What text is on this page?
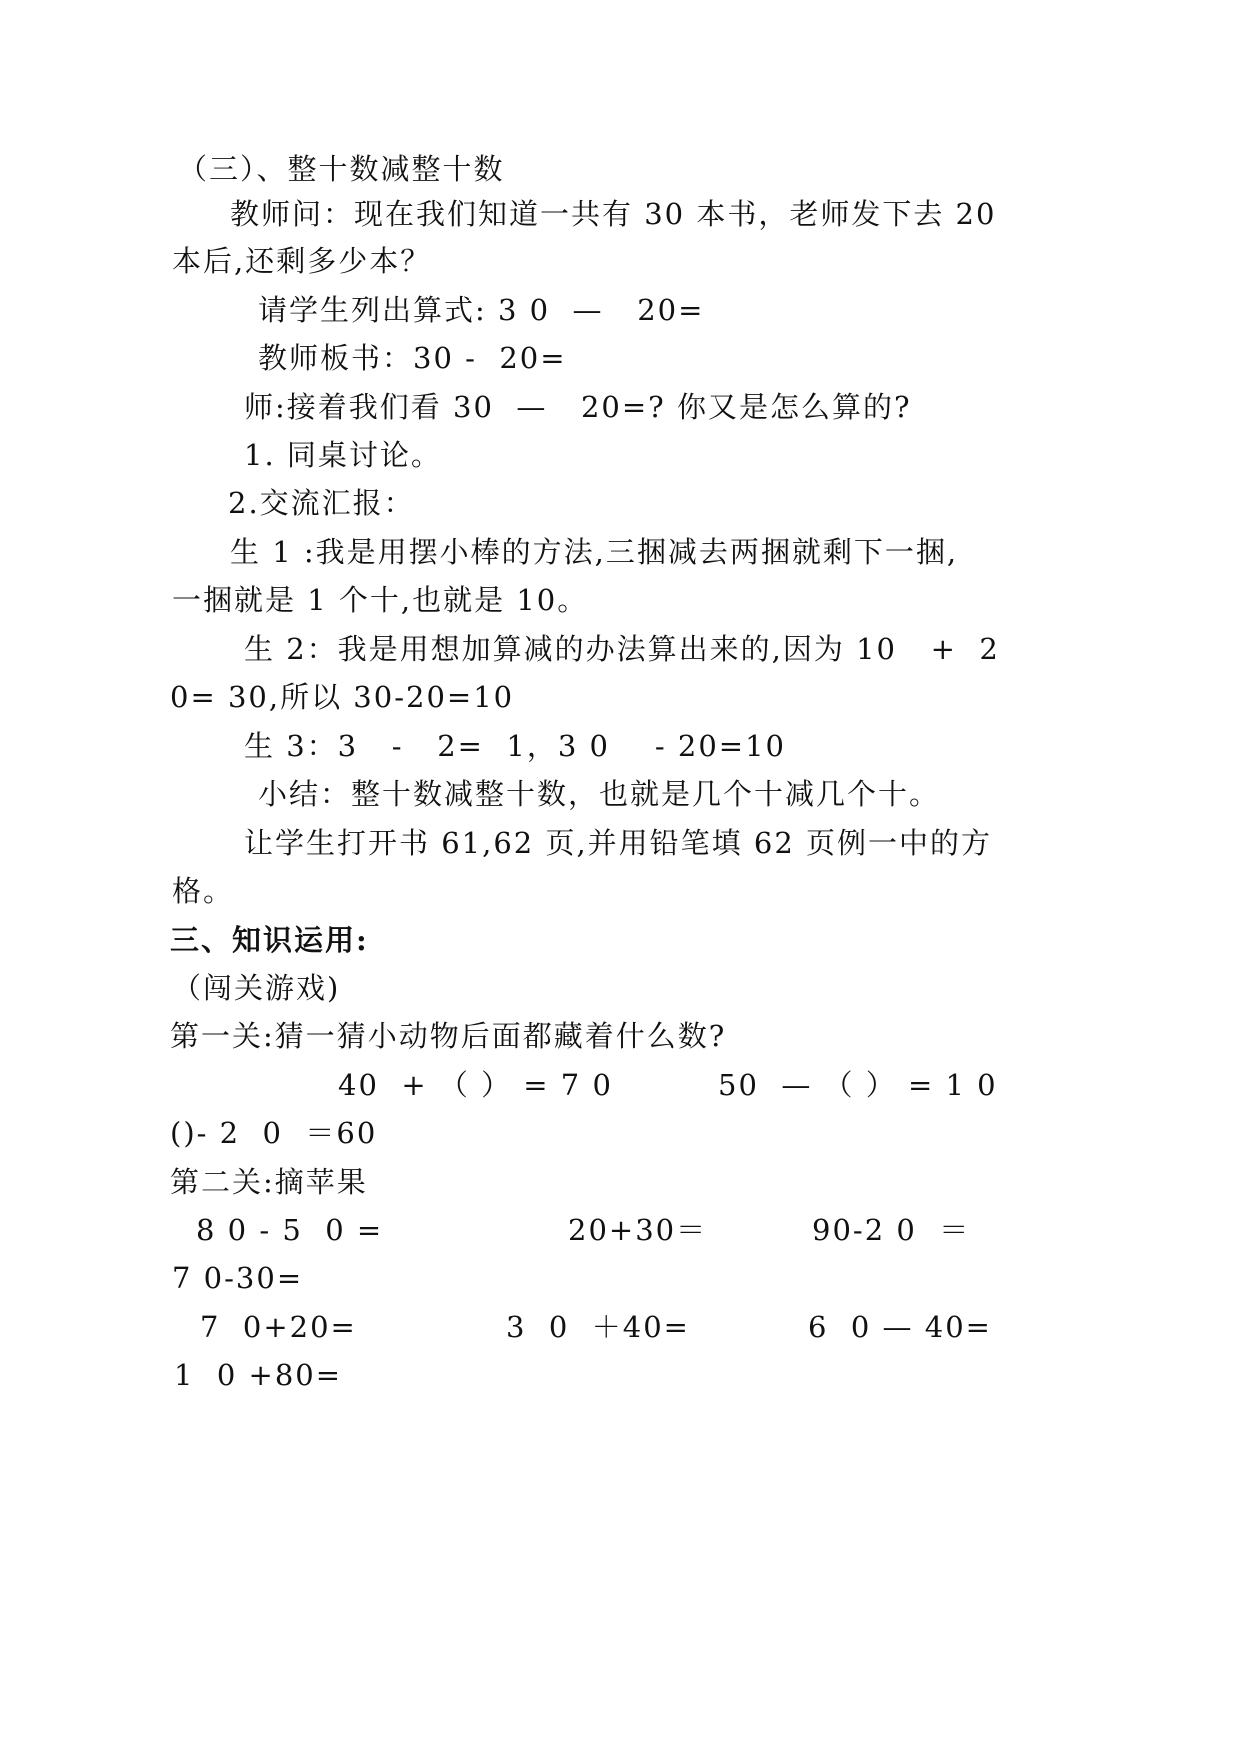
（三）、整十数减整十数
教师问：现在我们知道一共有 30 本书，老师发下去 20
本后,还剩多少本？
请学生列出算式: 3 0  —   20=
教师板书：30 -  20=
师:接着我们看 30  —   20=? 你又是怎么算的?
1. 同桌讨论。
2.交流汇报：
生 1 :我是用摆小棒的方法,三捆减去两捆就剩下一捆,
一捆就是 1 个十,也就是 10。
生 2：我是用想加算减的办法算出来的,因为 10   +  2
0= 30,所以 30-20=10
生 3：3   -   2=  1，3 0    - 20=10
小结：整十数减整十数，也就是几个十减几个十。
让学生打开书 61,62 页,并用铅笔填 62 页例一中的方
格。
三、知识运用:
（闯关游戏)
第一关:猜一猜小动物后面都藏着什么数?
40  + （ ） = 7 0	50  — （ ） = 1 0
()- 2  0  ＝60
第二关:摘苹果
8 0 - 5  0 =	20+30＝	90-2 0  ＝
7 0-30=
7  0+20=	3  0  ＋40=	6  0 — 40=
1  0 +80=
